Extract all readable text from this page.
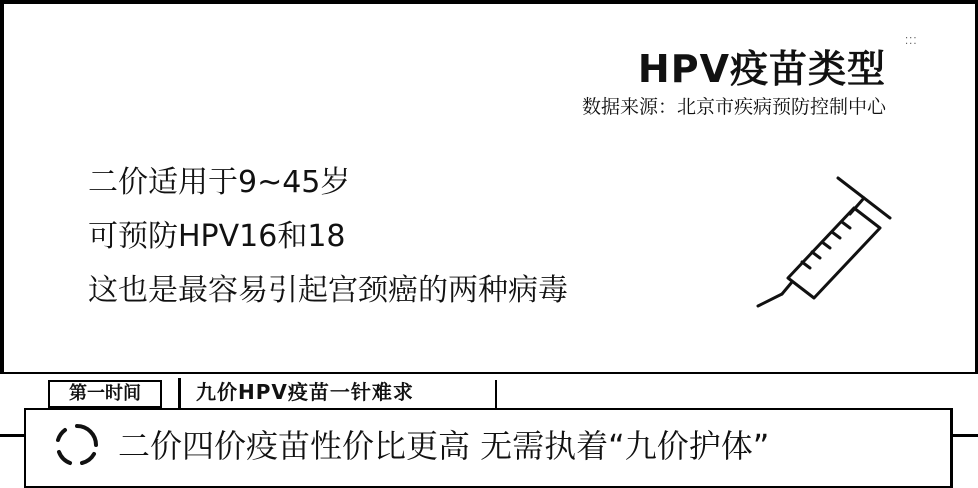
HPV疫苗类型
数据来源：北京市疾病预防控制中心
⁚⁚⁚
二价适用于9~45岁
可预防HPV16和18
这也是最容易引起宫颈癌的两种病毒
第一时间	九价HPV疫苗一针难求
二价四价疫苗性价比更高 无需执着“九价护体”
